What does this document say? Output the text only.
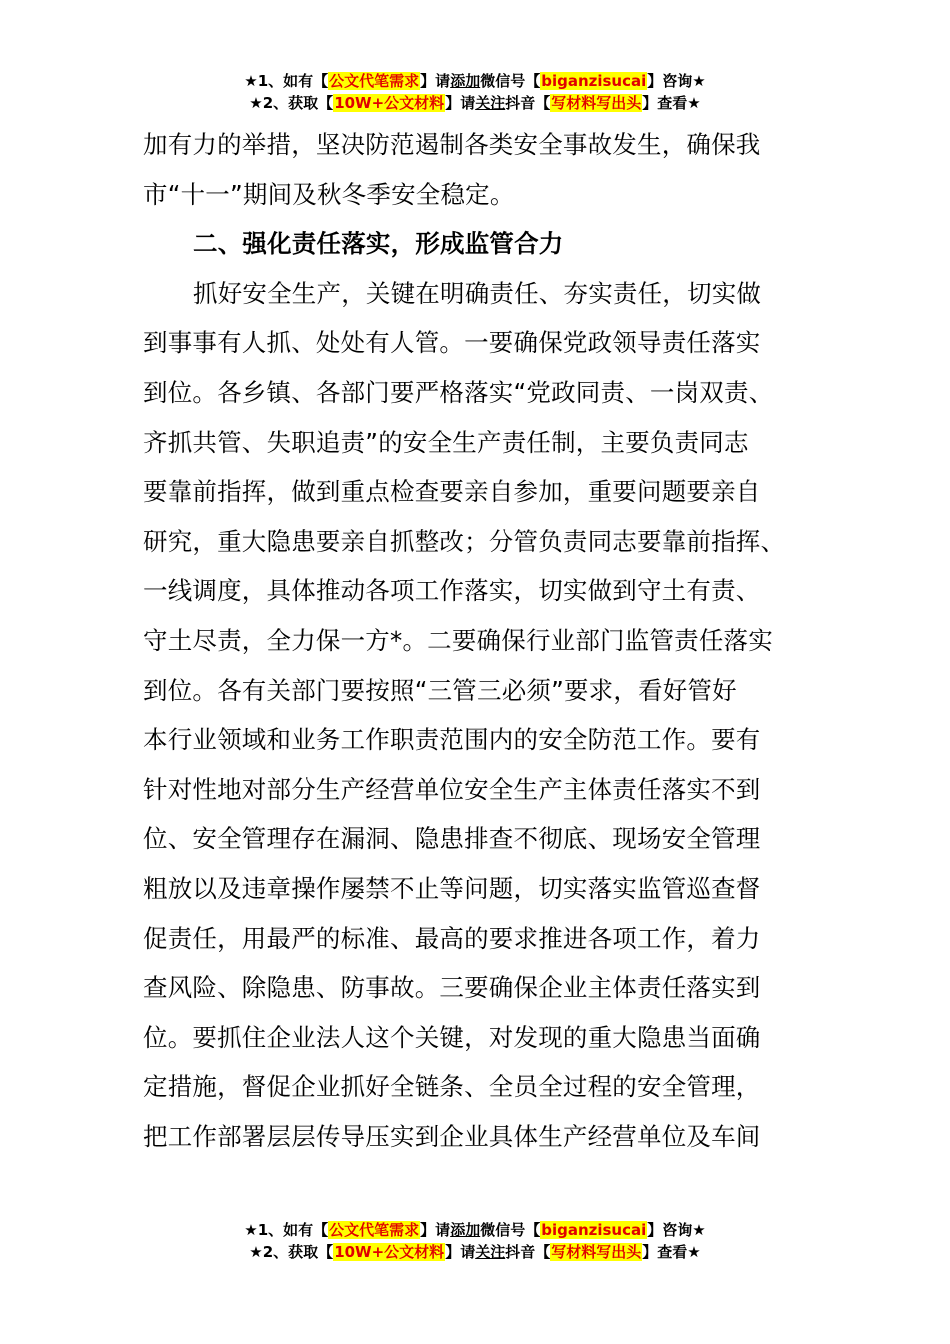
★1、如有【公文代笔需求】请添加微信号【biganzisucai】咨询★
★2、获取【10W+公文材料】请关注抖音【写材料写出头】查看★
加有力的举措，坚决防范遏制各类安全事故发生，确保我
市“十一”期间及秋冬季安全稳定。
二、强化责任落实，形成监管合力
抓好安全生产，关键在明确责任、夯实责任，切实做
到事事有人抓、处处有人管。一要确保党政领导责任落实
到位。各乡镇、各部门要严格落实“党政同责、一岗双责、
齐抓共管、失职追责”的安全生产责任制，主要负责同志
要靠前指挥，做到重点检查要亲自参加，重要问题要亲自
研究，重大隐患要亲自抓整改；分管负责同志要靠前指挥、
一线调度，具体推动各项工作落实，切实做到守土有责、
守土尽责，全力保一方*。二要确保行业部门监管责任落实
到位。各有关部门要按照“三管三必须”要求，看好管好
本行业领域和业务工作职责范围内的安全防范工作。要有
针对性地对部分生产经营单位安全生产主体责任落实不到
位、安全管理存在漏洞、隐患排查不彻底、现场安全管理
粗放以及违章操作屡禁不止等问题，切实落实监管巡查督
促责任，用最严的标准、最高的要求推进各项工作，着力
查风险、除隐患、防事故。三要确保企业主体责任落实到
位。要抓住企业法人这个关键，对发现的重大隐患当面确
定措施，督促企业抓好全链条、全员全过程的安全管理，
把工作部署层层传导压实到企业具体生产经营单位及车间
★1、如有【公文代笔需求】请添加微信号【biganzisucai】咨询★
★2、获取【10W+公文材料】请关注抖音【写材料写出头】查看★
